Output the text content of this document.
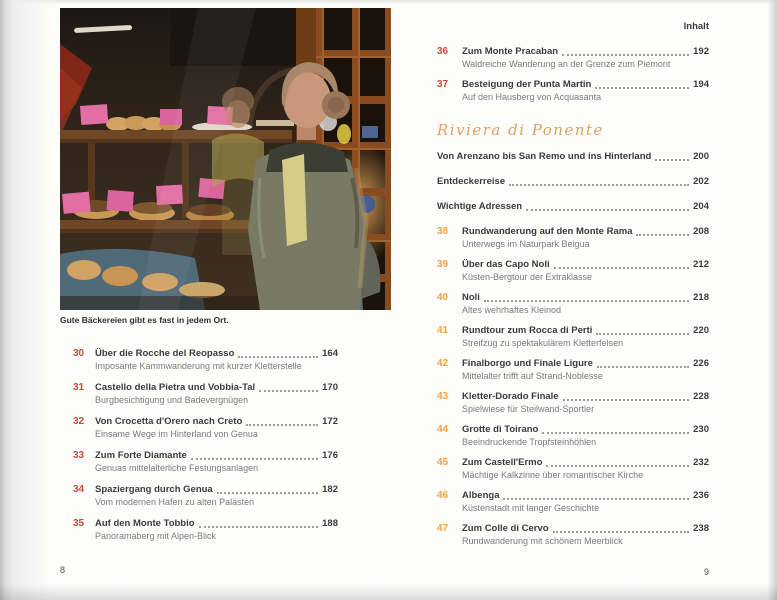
Gute Bäckereien gibt es fast in jedem Ort.
30	Über die Rocche del Reopasso	164
Imposante Kammwanderung mit kurzer Kletterstelle
31	Castello della Pietra und Vobbia-Tal	170
Burgbesichtigung und Badevergnügen
32	Von Crocetta d'Orero nach Creto	172
Einsame Wege im Hinterland von Genua
33	Zum Forte Diamante	176
Genuas mittelalterliche Festungsanlagen
34	Spaziergang durch Genua	182
Vom modernen Hafen zu alten Palästen
35	Auf den Monte Tobbio	188
Panoramaberg mit Alpen-Blick
8
Inhalt
36	Zum Monte Pracaban	192
Waldreiche Wanderung an der Grenze zum Piemont
37	Besteigung der Punta Martin	194
Auf den Hausberg von Acquasanta
Riviera di Ponente
Von Arenzano bis San Remo und ins Hinterland	200
Entdeckerreise	202
Wichtige Adressen	204
38	Rundwanderung auf den Monte Rama	208
Unterwegs im Naturpark Beigua
39	Über das Capo Noli	212
Küsten-Bergtour der Extraklasse
40	Noli	218
Altes wehrhaftes Kleinod
41	Rundtour zum Rocca di Perti	220
Streifzug zu spektakulärem Kletterfelsen
42	Finalborgo und Finale Ligure	226
Mittelalter trifft auf Strand-Noblesse
43	Kletter-Dorado Finale	228
Spielwiese für Steilwand-Sportler
44	Grotte di Toirano	230
Beeindruckende Tropfsteinhöhlen
45	Zum Castell'Ermo	232
Mächtige Kalkzinne über romantischer Kirche
46	Albenga	236
Küstenstadt mit langer Geschichte
47	Zum Colle di Cervo	238
Rundwanderung mit schönem Meerblick
9
